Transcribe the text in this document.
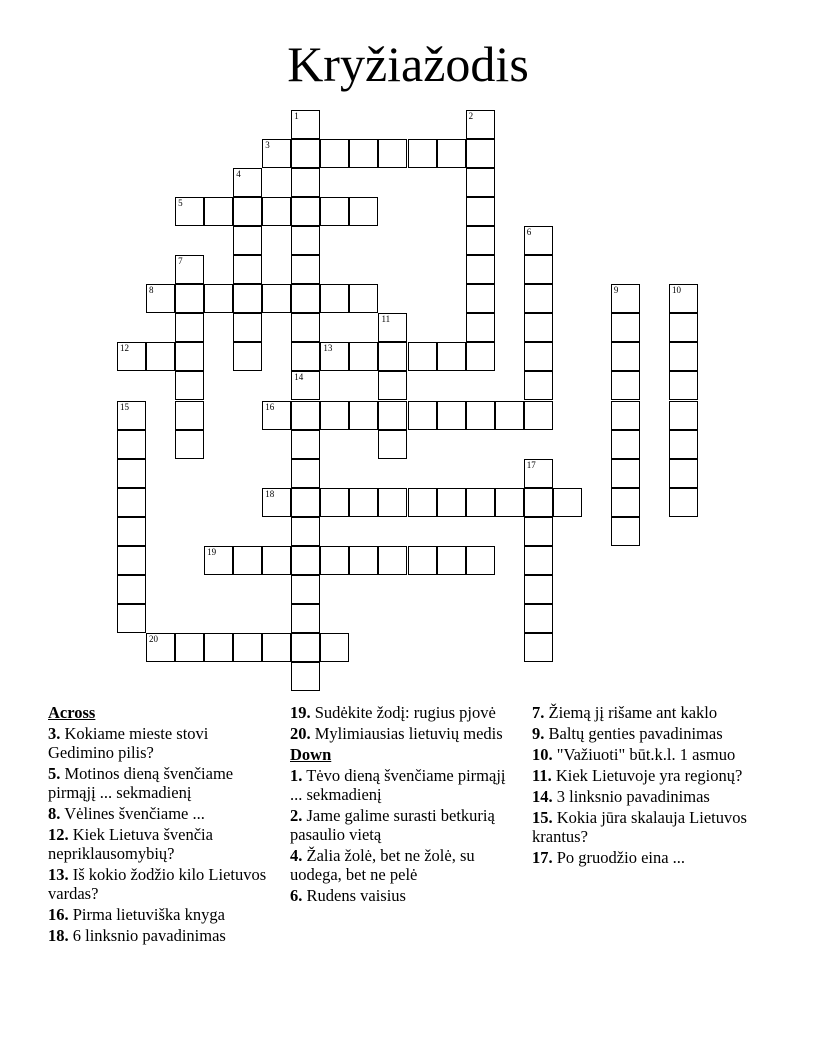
Kryžiažodis
3
5
8
12	13
16
18
19
20
1
14
2
4
6
7
9	10
11
15
17
Across
3. Kokiame mieste stovi Gedimino pilis?
5. Motinos dieną švenčiame pirmąjį ... sekmadienį
8. Vėlines švenčiame ...
12. Kiek Lietuva švenčia nepriklausomybių?
13. Iš kokio žodžio kilo Lietuvos vardas?
16. Pirma lietuviška knyga
18. 6 linksnio pavadinimas
19. Sudėkite žodį: rugius pjovė
20. Mylimiausias lietuvių medis
Down
1. Tėvo dieną švenčiame pirmąjį ... sekmadienį
2. Jame galime surasti betkurią pasaulio vietą
4. Žalia žolė, bet ne žolė, su uodega, bet ne pelė
6. Rudens vaisius
7. Žiemą jį rišame ant kaklo
9. Baltų genties pavadinimas
10. "Važiuoti" būt.k.l. 1 asmuo
11. Kiek Lietuvoje yra regionų?
14. 3 linksnio pavadinimas
15. Kokia jūra skalauja Lietuvos krantus?
17. Po gruodžio eina ...
